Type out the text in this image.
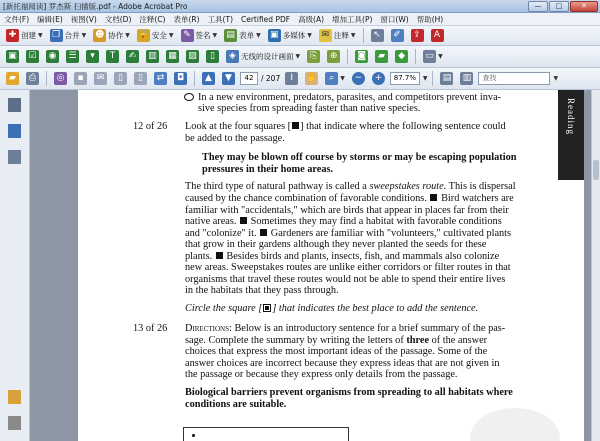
[新托福阅读] 罗杰斯 扫描版.pdf - Adobe Acrobat Pro	—	□	✕
文件(F) 编辑(E) 视图(V) 文档(D) 注释(C) 表单(R) 工具(T) Certified PDF 高级(A) 增加工具(P) 窗口(W) 帮助(H)
✚ 创建 ▼ ❐ 合并 ▼ ☻ 协作 ▼ 🔒 安全 ▼	✎ 签名 ▼ ▤ 表单 ▼ ▣ 多媒体 ▼	✉ 注释 ▼	↖	✐	⇪	A
▣ ☑ ◉ ☰	▾	T	✍	▥ ▦ ▨	▯	◈ 无线的设计画面 ▼	⎘	⊕	◙	▰	◆	▭ ▼
▰	⎙	◎	▪	✉	▯	▯	⇄	◘	▲	▼	42	/ 207	I	✋	⌕ ▼	−	+	87.7%	▼ ▤ ▥	查找	▼
In a new environment, predators, parasites, and competitors prevent inva-
sive species from spreading faster than native species.
12 of 26 Look at the four squares [ ] that indicate where the following sentence could
be added to the passage.
They may be blown off course by storms or may be escaping population
pressures in their home areas.
The third type of natural pathway is called a sweepstakes route. This is dispersal
caused by the chance combination of favorable conditions. Bird watchers are
familiar with "accidentals," which are birds that appear in places far from their
native areas. Sometimes they may find a habitat with favorable conditions
and "colonize" it. Gardeners are familiar with "volunteers," cultivated plants
that grow in their gardens although they never planted the seeds for these
plants. Besides birds and plants, insects, fish, and mammals also colonize
new areas. Sweepstakes routes are unlike either corridors or filter routes in that
organisms that travel these routes would not be able to spend their entire lives
in the habitats that they pass through.
Circle the square [ ] that indicates the best place to add the sentence.
13 of 26 Directions: Below is an introductory sentence for a brief summary of the pas-
sage. Complete the summary by writing the letters of three of the answer
choices that express the most important ideas of the passage. Some of the
answer choices are incorrect because they express ideas that are not given in
the passage or because they express only details from the passage.
Biological barriers prevent organisms from spreading to all habitats where
conditions are suitable.
Reading
